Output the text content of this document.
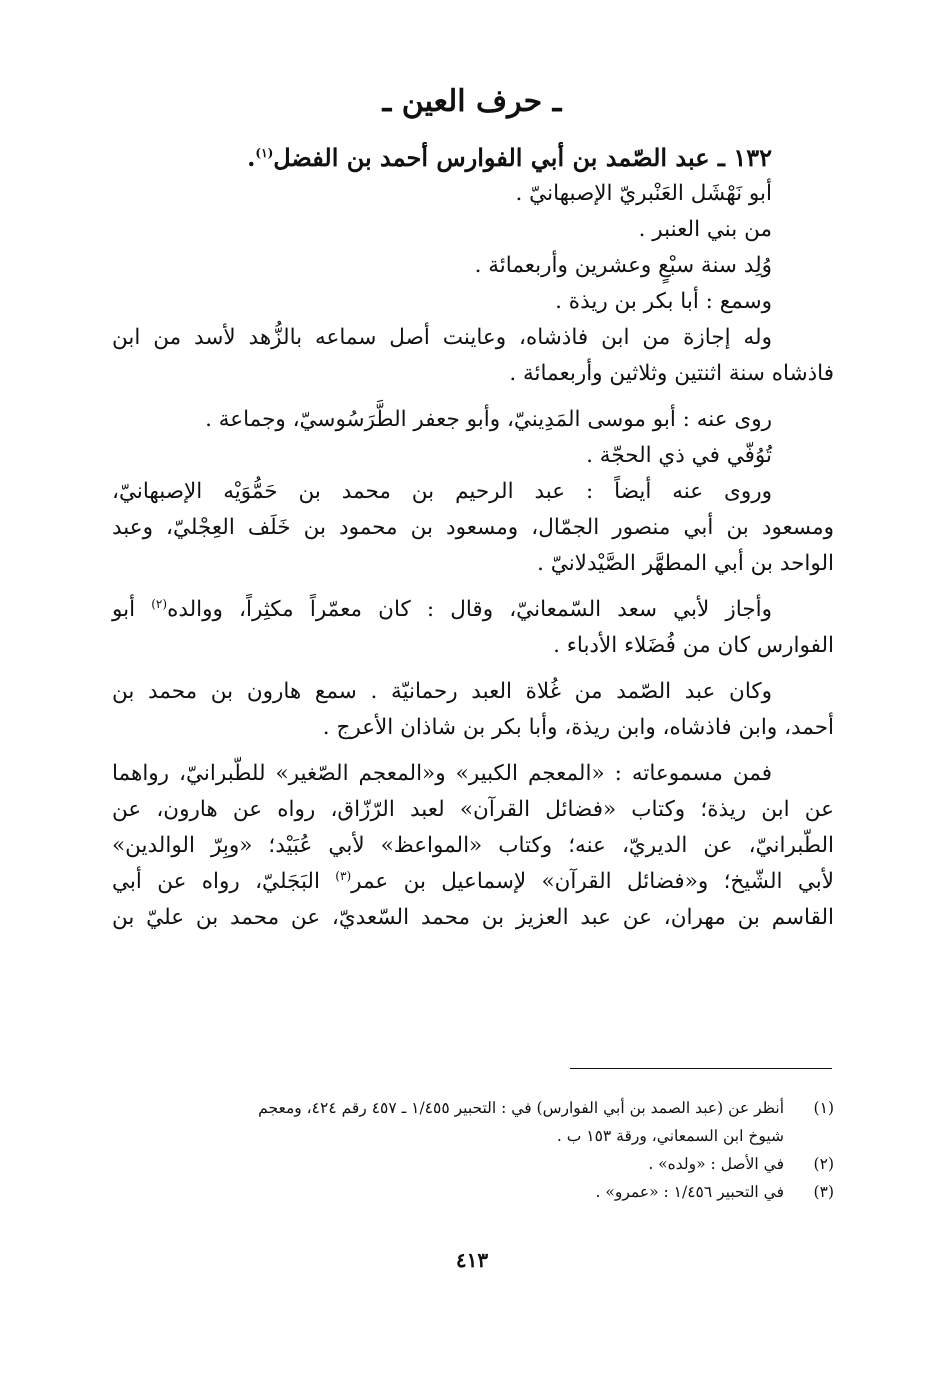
ـ حرف العين ـ
١٣٢ ـ عبد الصّمد بن أبي الفوارس أحمد بن الفضل$^{(١)}$.
أبو نَهْشَل العَنْبريّ الإصبهانيّ .
من بني العنبر .
وُلِد سنة سبْعٍ وعشرين وأربعمائة .
وسمع : أبا بكر بن ريذة .
وله إجازة من ابن فاذشاه، وعاينت أصل سماعه بالزُّهد لأسد من ابن
فاذشاه سنة اثنتين وثلاثين وأربعمائة .
روى عنه : أبو موسى المَدِينيّ، وأبو جعفر الطَّرَسُوسيّ، وجماعة .
تُوُفّي في ذي الحجّة .
وروى عنه أيضاً : عبد الرحيم بن محمد بن حَمُّوَيْه الإصبهانيّ،
ومسعود بن أبي منصور الجمّال، ومسعود بن محمود بن خَلَف العِجْليّ، وعبد
الواحد بن أبي المطهَّر الصَّيْدلانيّ .
وأجاز لأبي سعد السّمعانيّ، وقال : كان معمّراً مكثِراً، ووالده$^{(٢)}$ أبو
الفوارس كان من فُضَلاء الأدباء .
وكان عبد الصّمد من غُلاة العبد رحمانيّة . سمع هارون بن محمد بن
أحمد، وابن فاذشاه، وابن ريذة، وأبا بكر بن شاذان الأعرج .
فمن مسموعاته : «المعجم الكبير» و«المعجم الصّغير» للطّبرانيّ، رواهما
عن ابن ريذة؛ وكتاب «فضائل القرآن» لعبد الرّزّاق، رواه عن هارون، عن
الطّبرانيّ، عن الديريّ، عنه؛ وكتاب «المواعظ» لأبي عُبَيْد؛ «وبِرّ الوالدين»
لأبي الشّيخ؛ و«فضائل القرآن» لإسماعيل بن عمر$^{(٣)}$ البَجَليّ، رواه عن أبي
القاسم بن مهران، عن عبد العزيز بن محمد السّعديّ، عن محمد بن عليّ بن
(١)
أنظر عن (عبد الصمد بن أبي الفوارس) في : التحبير ١/٤٥٥ ـ ٤٥٧ رقم ٤٢٤، ومعجم
شيوخ ابن السمعاني، ورقة ١٥٣ ب .
(٢)
في الأصل : «ولده» .
(٣)
في التحبير ١/٤٥٦ : «عمرو» .
٤١٣
